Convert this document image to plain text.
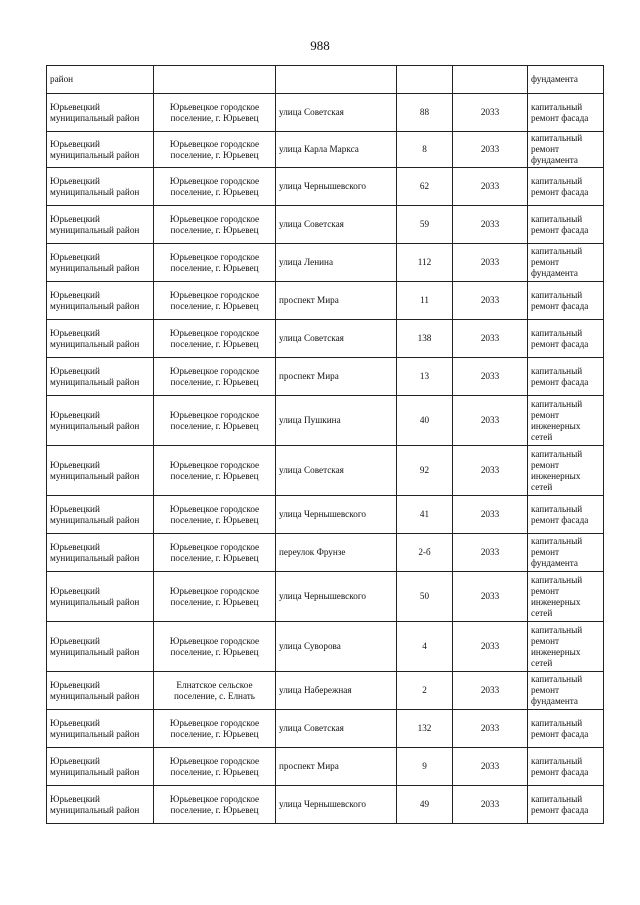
988
район					фундамента
Юрьевецкий муниципальный район	Юрьевецкое городское поселение, г. Юрьевец	улица Советская	88	2033	капитальный ремонт фасада
Юрьевецкий муниципальный район	Юрьевецкое городское поселение, г. Юрьевец	улица Карла Маркса	8	2033	капитальный ремонт фундамента
Юрьевецкий муниципальный район	Юрьевецкое городское поселение, г. Юрьевец	улица Чернышевского	62	2033	капитальный ремонт фасада
Юрьевецкий муниципальный район	Юрьевецкое городское поселение, г. Юрьевец	улица Советская	59	2033	капитальный ремонт фасада
Юрьевецкий муниципальный район	Юрьевецкое городское поселение, г. Юрьевец	улица Ленина	112	2033	капитальный ремонт фундамента
Юрьевецкий муниципальный район	Юрьевецкое городское поселение, г. Юрьевец	проспект Мира	11	2033	капитальный ремонт фасада
Юрьевецкий муниципальный район	Юрьевецкое городское поселение, г. Юрьевец	улица Советская	138	2033	капитальный ремонт фасада
Юрьевецкий муниципальный район	Юрьевецкое городское поселение, г. Юрьевец	проспект Мира	13	2033	капитальный ремонт фасада
Юрьевецкий муниципальный район	Юрьевецкое городское поселение, г. Юрьевец	улица Пушкина	40	2033	капитальный ремонт инженерных сетей
Юрьевецкий муниципальный район	Юрьевецкое городское поселение, г. Юрьевец	улица Советская	92	2033	капитальный ремонт инженерных сетей
Юрьевецкий муниципальный район	Юрьевецкое городское поселение, г. Юрьевец	улица Чернышевского	41	2033	капитальный ремонт фасада
Юрьевецкий муниципальный район	Юрьевецкое городское поселение, г. Юрьевец	переулок Фрунзе	2-б	2033	капитальный ремонт фундамента
Юрьевецкий муниципальный район	Юрьевецкое городское поселение, г. Юрьевец	улица Чернышевского	50	2033	капитальный ремонт инженерных сетей
Юрьевецкий муниципальный район	Юрьевецкое городское поселение, г. Юрьевец	улица Суворова	4	2033	капитальный ремонт инженерных сетей
Юрьевецкий муниципальный район	Елнатское сельское поселение, с. Елнать	улица Набережная	2	2033	капитальный ремонт фундамента
Юрьевецкий муниципальный район	Юрьевецкое городское поселение, г. Юрьевец	улица Советская	132	2033	капитальный ремонт фасада
Юрьевецкий муниципальный район	Юрьевецкое городское поселение, г. Юрьевец	проспект Мира	9	2033	капитальный ремонт фасада
Юрьевецкий муниципальный район	Юрьевецкое городское поселение, г. Юрьевец	улица Чернышевского	49	2033	капитальный ремонт фасада
